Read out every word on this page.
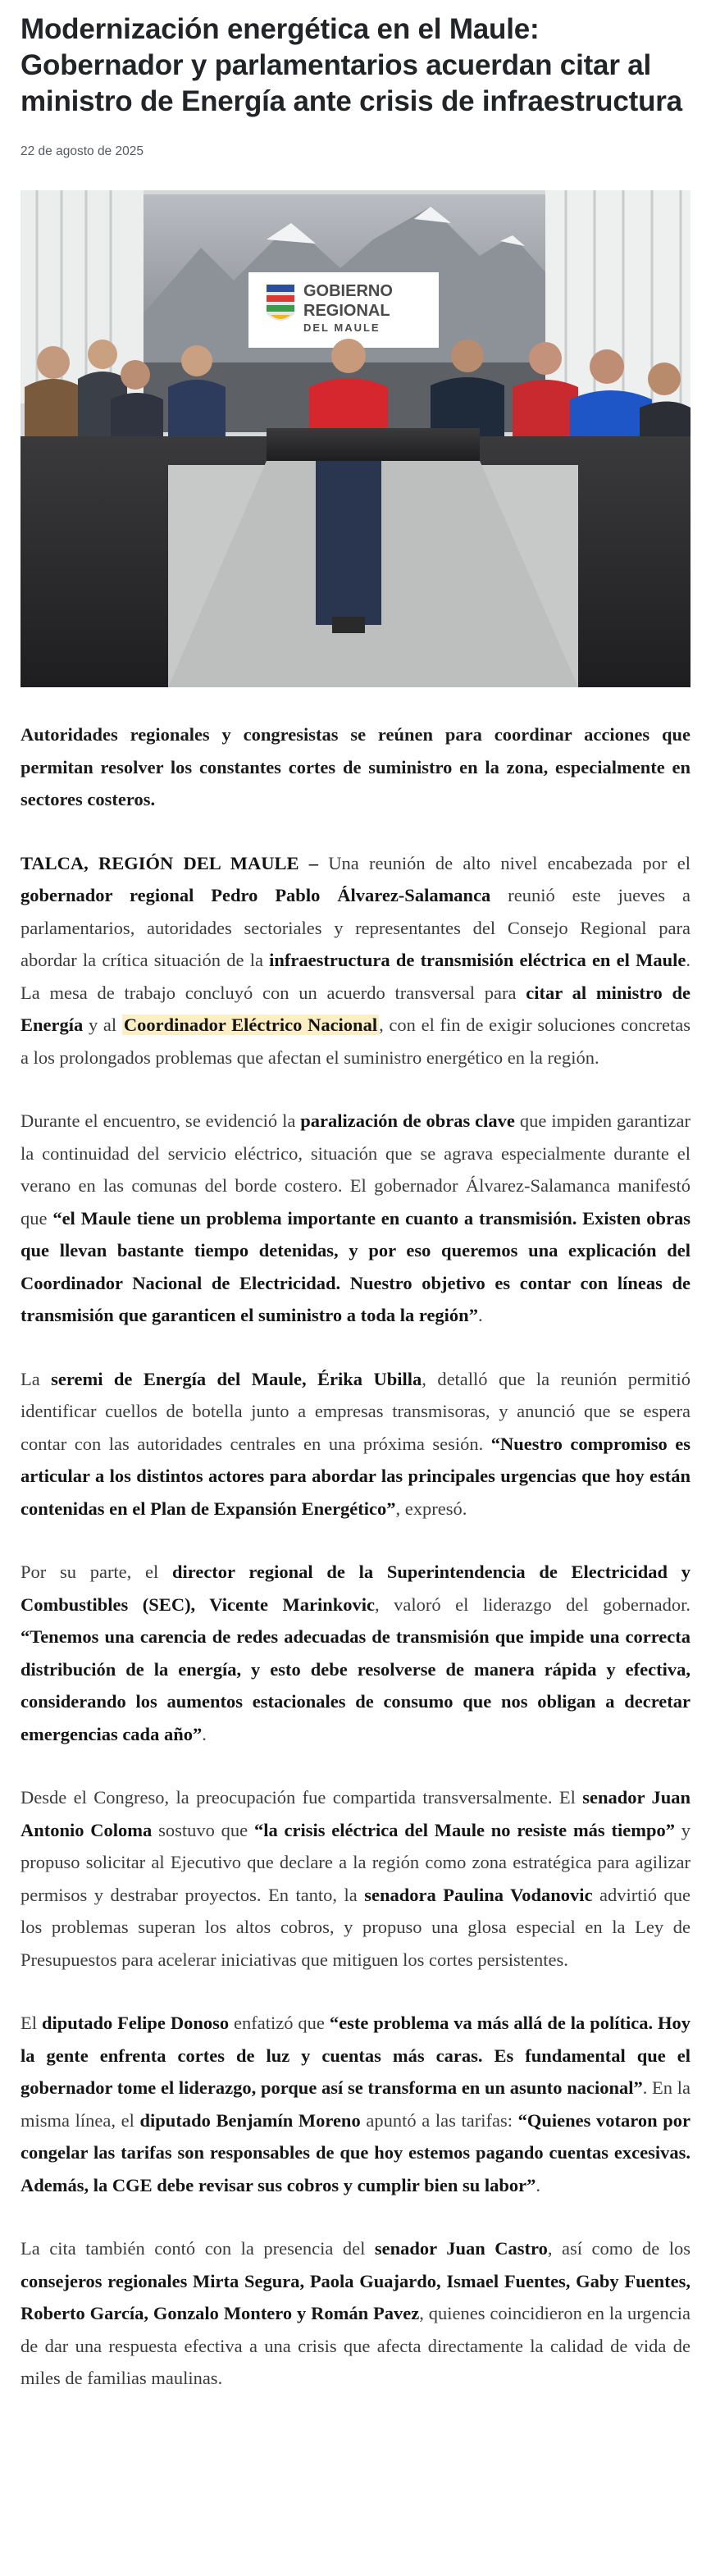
Modernización energética en el Maule: Gobernador y parlamentarios acuerdan citar al ministro de Energía ante crisis de infraestructura
22 de agosto de 2025
GOBIERNO
REGIONAL
DEL MAULE

Autoridades regionales y congresistas se reúnen para coordinar acciones que permitan resolver los constantes cortes de suministro en la zona, especialmente en sectores costeros.

TALCA, REGIÓN DEL MAULE – Una reunión de alto nivel encabezada por el gobernador regional Pedro Pablo Álvarez-Salamanca reunió este jueves a parlamentarios, autoridades sectoriales y representantes del Consejo Regional para abordar la crítica situación de la infraestructura de transmisión eléctrica en el Maule. La mesa de trabajo concluyó con un acuerdo transversal para citar al ministro de Energía y al Coordinador Eléctrico Nacional, con el fin de exigir soluciones concretas a los prolongados problemas que afectan el suministro energético en la región.

Durante el encuentro, se evidenció la paralización de obras clave que impiden garantizar la continuidad del servicio eléctrico, situación que se agrava especialmente durante el verano en las comunas del borde costero. El gobernador Álvarez-Salamanca manifestó que “el Maule tiene un problema importante en cuanto a transmisión. Existen obras que llevan bastante tiempo detenidas, y por eso queremos una explicación del Coordinador Nacional de Electricidad. Nuestro objetivo es contar con líneas de transmisión que garanticen el suministro a toda la región”.

La seremi de Energía del Maule, Érika Ubilla, detalló que la reunión permitió identificar cuellos de botella junto a empresas transmisoras, y anunció que se espera contar con las autoridades centrales en una próxima sesión. “Nuestro compromiso es articular a los distintos actores para abordar las principales urgencias que hoy están contenidas en el Plan de Expansión Energético”, expresó.

Por su parte, el director regional de la Superintendencia de Electricidad y Combustibles (SEC), Vicente Marinkovic, valoró el liderazgo del gobernador. “Tenemos una carencia de redes adecuadas de transmisión que impide una correcta distribución de la energía, y esto debe resolverse de manera rápida y efectiva, considerando los aumentos estacionales de consumo que nos obligan a decretar emergencias cada año”.

Desde el Congreso, la preocupación fue compartida transversalmente. El senador Juan Antonio Coloma sostuvo que “la crisis eléctrica del Maule no resiste más tiempo” y propuso solicitar al Ejecutivo que declare a la región como zona estratégica para agilizar permisos y destrabar proyectos. En tanto, la senadora Paulina Vodanovic advirtió que los problemas superan los altos cobros, y propuso una glosa especial en la Ley de Presupuestos para acelerar iniciativas que mitiguen los cortes persistentes.

El diputado Felipe Donoso enfatizó que “este problema va más allá de la política. Hoy la gente enfrenta cortes de luz y cuentas más caras. Es fundamental que el gobernador tome el liderazgo, porque así se transforma en un asunto nacional”. En la misma línea, el diputado Benjamín Moreno apuntó a las tarifas: “Quienes votaron por congelar las tarifas son responsables de que hoy estemos pagando cuentas excesivas. Además, la CGE debe revisar sus cobros y cumplir bien su labor”.

La cita también contó con la presencia del senador Juan Castro, así como de los consejeros regionales Mirta Segura, Paola Guajardo, Ismael Fuentes, Gaby Fuentes, Roberto García, Gonzalo Montero y Román Pavez, quienes coincidieron en la urgencia de dar una respuesta efectiva a una crisis que afecta directamente la calidad de vida de miles de familias maulinas.
